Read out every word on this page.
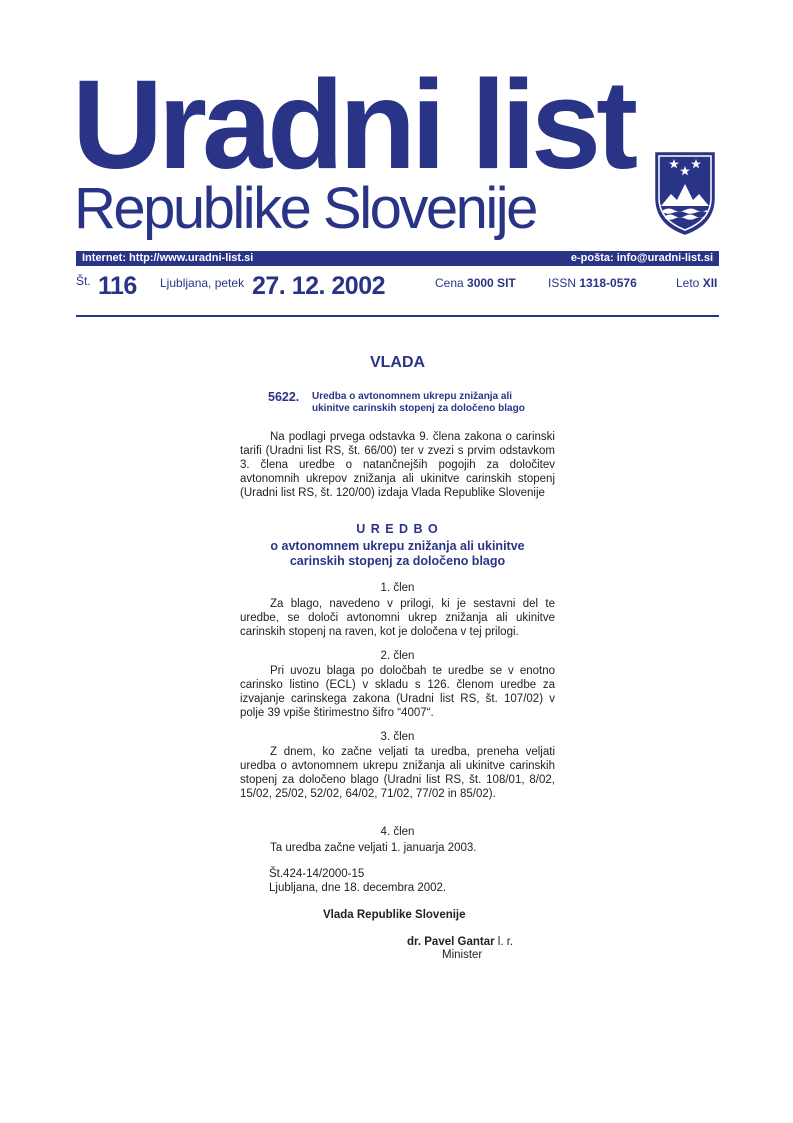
Uradni list
Republike Slovenije
Internet: http://www.uradni-list.si	e-pošta: info@uradni-list.si
Št. 116 Ljubljana, petek 27. 12. 2002	Cena 3000 SIT	ISSN 1318-0576	Leto XII
VLADA
5622. Uredba o avtonomnem ukrepu znižanja ali
ukinitve carinskih stopenj za določeno blago
Na podlagi prvega odstavka 9. člena zakona o carinski tarifi (Uradni list RS, št. 66/00) ter v zvezi s prvim odstavkom 3. člena uredbe o natančnejših pogojih za določitev avtonomnih ukrepov znižanja ali ukinitve carinskih stopenj (Uradni list RS, št. 120/00) izdaja Vlada Republike Slovenije
U R E D B O
o avtonomnem ukrepu znižanja ali ukinitve
carinskih stopenj za določeno blago
1. člen
Za blago, navedeno v prilogi, ki je sestavni del te uredbe, se določi avtonomni ukrep znižanja ali ukinitve carinskih stopenj na raven, kot je določena v tej prilogi.
2. člen
Pri uvozu blaga po določbah te uredbe se v enotno carinsko listino (ECL) v skladu s 126. členom uredbe za izvajanje carinskega zakona (Uradni list RS, št. 107/02) v polje 39 vpiše štirimestno šifro “4007“.
3. člen
Z dnem, ko začne veljati ta uredba, preneha veljati uredba o avtonomnem ukrepu znižanja ali ukinitve carinskih stopenj za določeno blago (Uradni list RS, št. 108/01, 8/02, 15/02, 25/02, 52/02, 64/02, 71/02, 77/02 in 85/02).
4. člen
Ta uredba začne veljati 1. januarja 2003.
Št.424-14/2000-15
Ljubljana, dne 18. decembra 2002.
Vlada Republike Slovenije
dr. Pavel Gantar l. r.
Minister
